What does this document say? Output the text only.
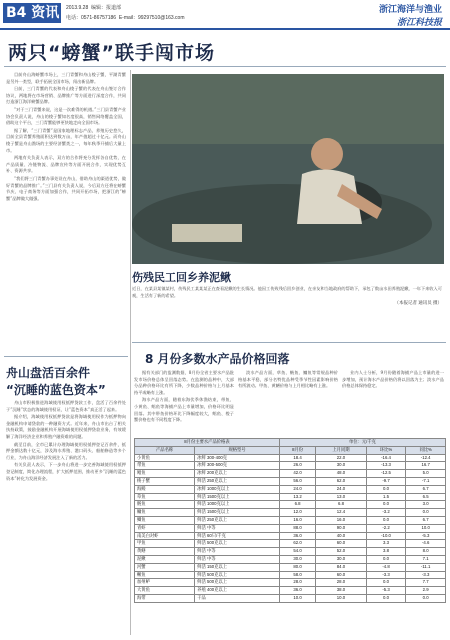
B4 资讯	2013.9.28 编辑：报道部
电话：0571-86757186 E-mail：99297510@163.com
浙江海洋与渔业
浙江科技报
两只“螃蟹”联手闯市场

目前舟山海螃蟹市场上，三门青蟹和舟山梭子蟹，平湖青蟹是另外一类型，联手拓展全国市场，闯出新品牌。

日前，三门青蟹的代表和舟山梭子蟹的代表在舟山签订合作协议，两地将在市场营销、品牌推广等方面进行深度合作，共同打造浙江海洋螃蟹品牌。

“对于三门青蟹来说，这是一次难得的机遇。”三门县青蟹产业协会负责人说，舟山的梭子蟹知名度很高，销售网络覆盖全国，借助这个平台，三门青蟹能够更快地走向全国市场。

据了解，“三门青蟹”是国家地理标志产品，养殖历史悠久，目前全县青蟹养殖面积达到数万亩，年产值超过十亿元。而舟山梭子蟹是舟山渔场的主要经济蟹类之一，每年秋季开捕后大量上市。

两地有关负责人表示，双方的合作将充分发挥各自优势，在产品质量、冷链物流、品牌宣传等方面开展合作，实现优势互补、资源共享。

“我们将三门青蟹办事处设在舟山，借助舟山的渠道优势，做好青蟹的品牌推广。”三门县有关负责人说，今后双方还将在螃蟹节庆、电子商务等方面加强合作，共同开拓市场，把浙江的“螃蟹”品牌做大做强。

伤残民工回乡养泥鳅
近日，在某县某镇某村，伤残民工某某某正在查看泥鳅的生长情况。他因工伤致残后回乡创业，在亲友和当地政府的帮助下，承包了数亩水田养殖泥鳅，一年下来收入可观，生活有了新的希望。
（本报记者 通讯员 摄）
8 月份多数水产品价格回落

据有关部门的监测数据，8月份全省主要水产品批发市场价格总体呈回落态势。在监测的品种中，大部分品种价格环比有所下降，少数品种价格与上月基本持平或略有上涨。

海水产品方面，随着东海伏季休渔结束，带鱼、小黄鱼、鲳鱼等海捕产品上市量增加，价格环比明显回落。其中带鱼价格环比下降幅度较大，鲳鱼、梭子蟹价格也有不同程度下降。

淡水产品方面，草鱼、鲢鱼、鳙鱼等常规品种价格基本平稳，部分名特优品种受季节性因素影响价格有所波动。甲鱼、黄鳝价格与上月相比略有上涨。

业内人士分析，9月份随着海捕产品上市量的进一步增加，预计海水产品价格仍将以回落为主；淡水产品价格总体保持稳定。

舟山盘活百余件
“沉睡的蓝色资本”

舟山市积极推进海域使用权抵押贷款工作，盘活了百余件处于“沉睡”状态的海域使用权证，让“蓝色资本”真正活了起来。

据介绍，海域使用权抵押贷款是将海域使用权作为抵押物向金融机构申请贷款的一种融资方式。近年来，舟山市出台了相关扶持政策，鼓励金融机构开展海域使用权抵押贷款业务，有效缓解了海洋经济企业和养殖户融资难的问题。

截至目前，全市已累计办理海域使用权抵押登记百余件，抵押金额达数十亿元，涉及海水养殖、港口码头、船舶修造等多个行业，为舟山海洋经济发展注入了新的活力。

有关负责人表示，下一步舟山将进一步完善海域使用权抵押登记制度，简化办理流程，扩大抵押范围，推动更多“沉睡的蓝色资本”转化为发展资金。

8月份主要水产品价格表		单位：元/千克			
产品名称	规格型号	8月份	上月同期	环比%	同比%
小黄鱼	冰鲜 300-400克	18.4	22.0	-16.4	-12.4
带鱼	冰鲜 300-500克	26.0	30.0	-13.3	16.7
鲳鱼	冰鲜 200克以上	42.0	48.0	-12.5	5.0
梭子蟹	鲜活 250克以上	56.0	62.0	-9.7	-7.1
海鳗	冰鲜 1000克以上	24.0	24.0	0.0	6.7
草鱼	鲜活 1500克以上	13.2	13.0	1.5	6.5
鲢鱼	鲜活 1000克以上	6.8	6.8	0.0	3.0
鳙鱼	鲜活 1500克以上	12.0	12.4	-3.2	0.0
鲫鱼	鲜活 250克以上	16.0	16.0	0.0	6.7
青虾	鲜活 中等	88.0	90.0	-2.2	10.0
南美白对虾	鲜活 60只/千克	36.0	40.0	-10.0	-5.3
甲鱼	鲜活 500克以上	62.0	60.0	3.3	-4.6
黄鳝	鲜活 中等	54.0	52.0	3.8	8.0
泥鳅	鲜活 中等	30.0	30.0	0.0	7.1
河蟹	鲜活 150克以上	80.0	84.0	-4.8	-11.1
鳜鱼	鲜活 500克以上	58.0	60.0	-3.3	-3.3
加州鲈	鲜活 500克以上	28.0	28.0	0.0	7.7
大黄鱼	养殖 400克以上	36.0	38.0	-5.3	2.9
海带	干品	10.0	10.0	0.0	0.0
